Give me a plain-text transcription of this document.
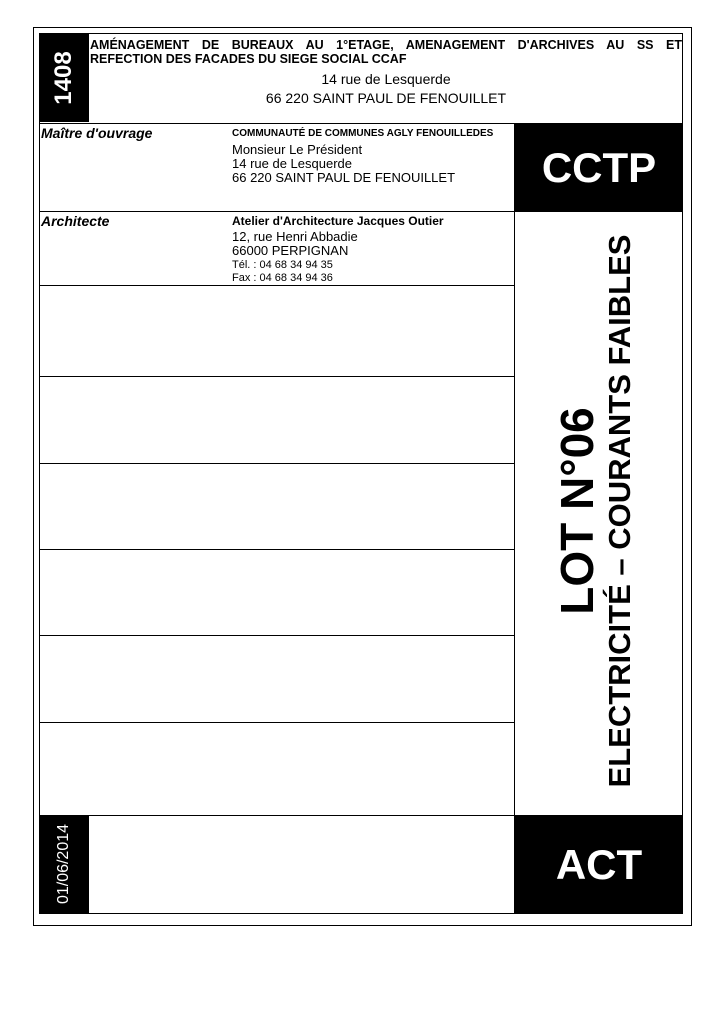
1408
AMÉNAGEMENT DE BUREAUX AU 1°ETAGE, AMENAGEMENT D'ARCHIVES AU SS ET
REFECTION DES FACADES DU SIEGE SOCIAL CCAF
14 rue de Lesquerde
66 220 SAINT PAUL DE FENOUILLET
Maître d'ouvrage	COMMUNAUTÉ DE COMMUNES AGLY FENOUILLEDES
Monsieur Le Président
14 rue de Lesquerde
66 220 SAINT PAUL DE FENOUILLET
Architecte	Atelier d'Architecture Jacques Outier
12, rue Henri Abbadie
66000 PERPIGNAN
Tél. : 04 68 34 94 35
Fax : 04 68 34 94 36
CCTP
LOT N°06 ELECTRICITÉ – COURANTS FAIBLES
01/06/2014	ACT
